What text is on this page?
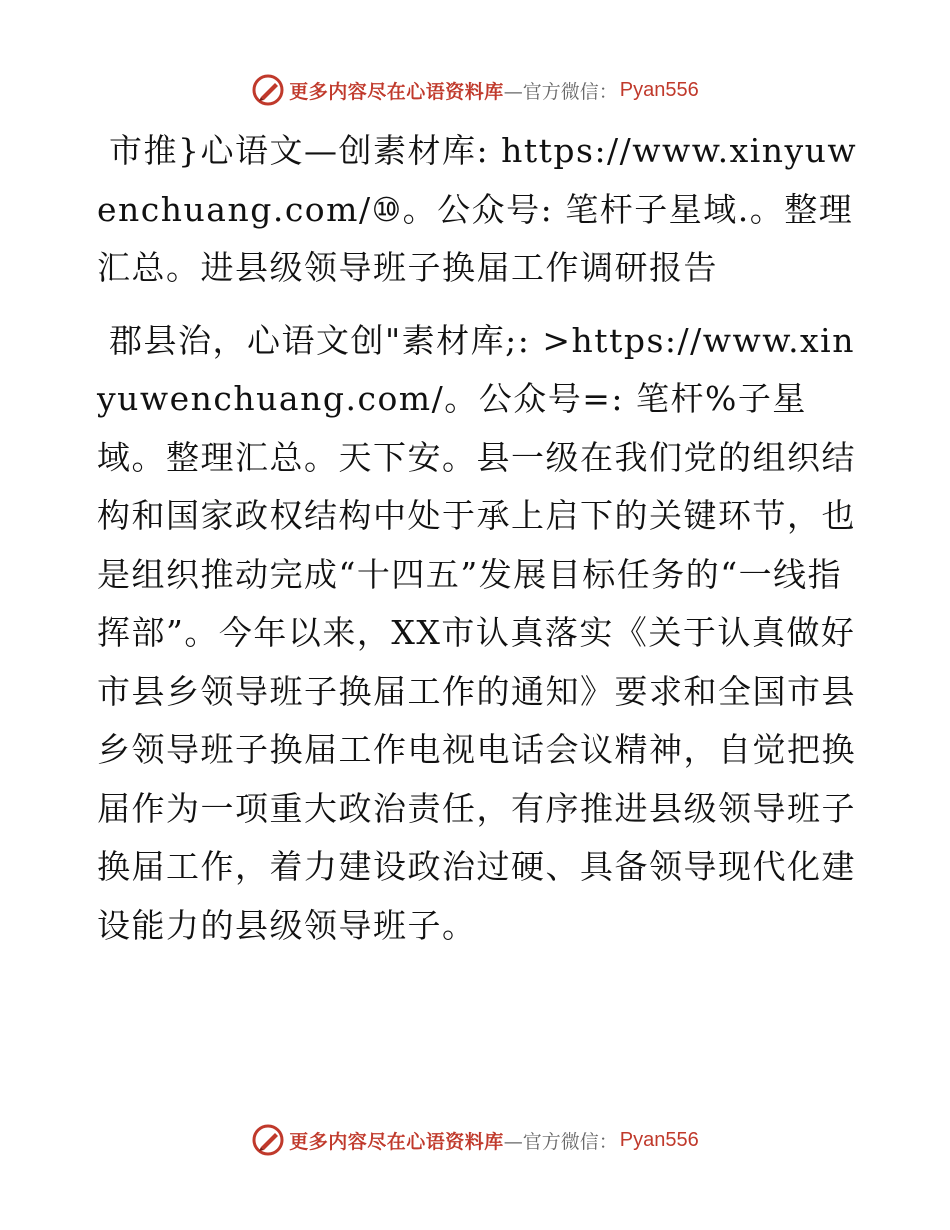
更多内容尽在心语资料库 —官方微信： Pyan556

市推}心语文—创素材库: https://www.xinyuwenchuang.com/⑩。公众号: 笔杆子星域.。整理汇总。进县级领导班子换届工作调研报告

郡县治，心语文创"素材库;: >https://www.xinyuwenchuang.com/。公众号=: 笔杆%子星域。整理汇总。天下安。县一级在我们党的组织结构和国家政权结构中处于承上启下的关键环节，也是组织推动完成“十四五”发展目标任务的“一线指挥部”。今年以来，XX市认真落实《关于认真做好市县乡领导班子换届工作的通知》要求和全国市县乡领导班子换届工作电视电话会议精神，自觉把换届作为一项重大政治责任，有序推进县级领导班子换届工作，着力建设政治过硬、具备领导现代化建设能力的县级领导班子。

更多内容尽在心语资料库 —官方微信： Pyan556
